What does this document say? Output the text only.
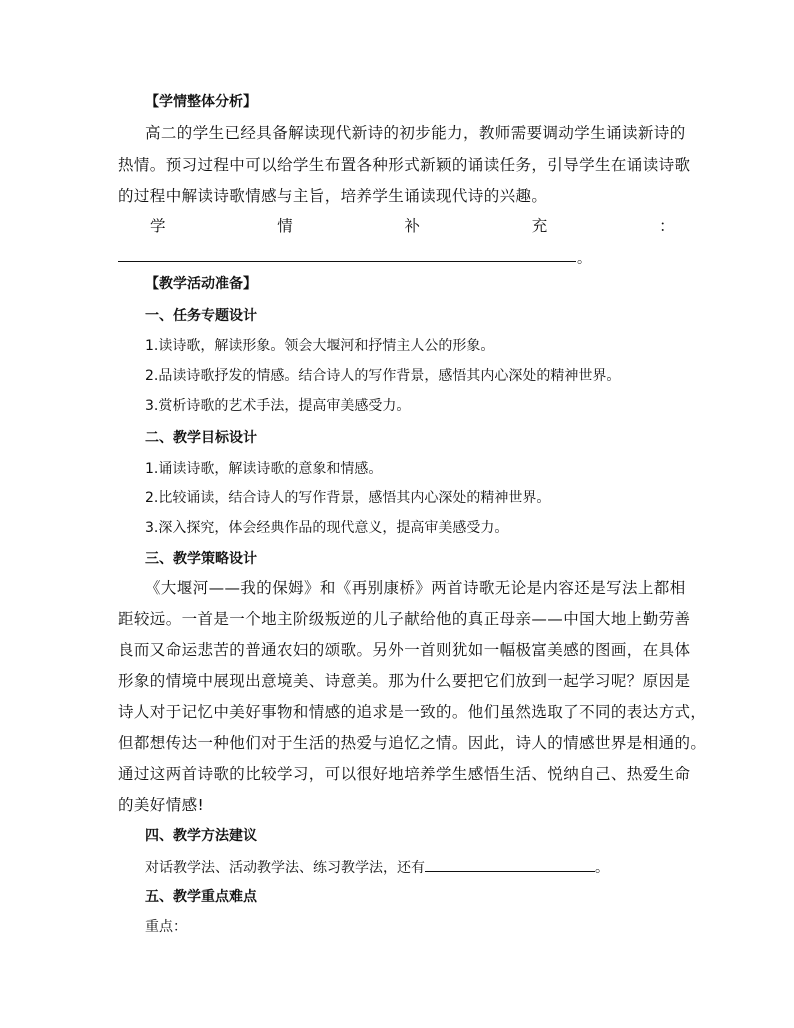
【学情整体分析】
高二的学生已经具备解读现代新诗的初步能力，教师需要调动学生诵读新诗的
热情。预习过程中可以给学生布置各种形式新颖的诵读任务，引导学生在诵读诗歌
的过程中解读诗歌情感与主旨，培养学生诵读现代诗的兴趣。
学	情	补	充	：
。
【教学活动准备】
一、任务专题设计
1.读诗歌，解读形象。领会大堰河和抒情主人公的形象。
2.品读诗歌抒发的情感。结合诗人的写作背景，感悟其内心深处的精神世界。
3.赏析诗歌的艺术手法，提高审美感受力。
二、教学目标设计
1.诵读诗歌，解读诗歌的意象和情感。
2.比较诵读，结合诗人的写作背景，感悟其内心深处的精神世界。
3.深入探究，体会经典作品的现代意义，提高审美感受力。
三、教学策略设计
《大堰河——我的保姆》和《再别康桥》两首诗歌无论是内容还是写法上都相
距较远。一首是一个地主阶级叛逆的儿子献给他的真正母亲——中国大地上勤劳善
良而又命运悲苦的普通农妇的颂歌。另外一首则犹如一幅极富美感的图画，在具体
形象的情境中展现出意境美、诗意美。那为什么要把它们放到一起学习呢？原因是
诗人对于记忆中美好事物和情感的追求是一致的。他们虽然选取了不同的表达方式，
但都想传达一种他们对于生活的热爱与追忆之情。因此，诗人的情感世界是相通的。
通过这两首诗歌的比较学习，可以很好地培养学生感悟生活、悦纳自己、热爱生命
的美好情感!
四、教学方法建议
对话教学法、活动教学法、练习教学法，还有	。
五、教学重点难点
重点：
